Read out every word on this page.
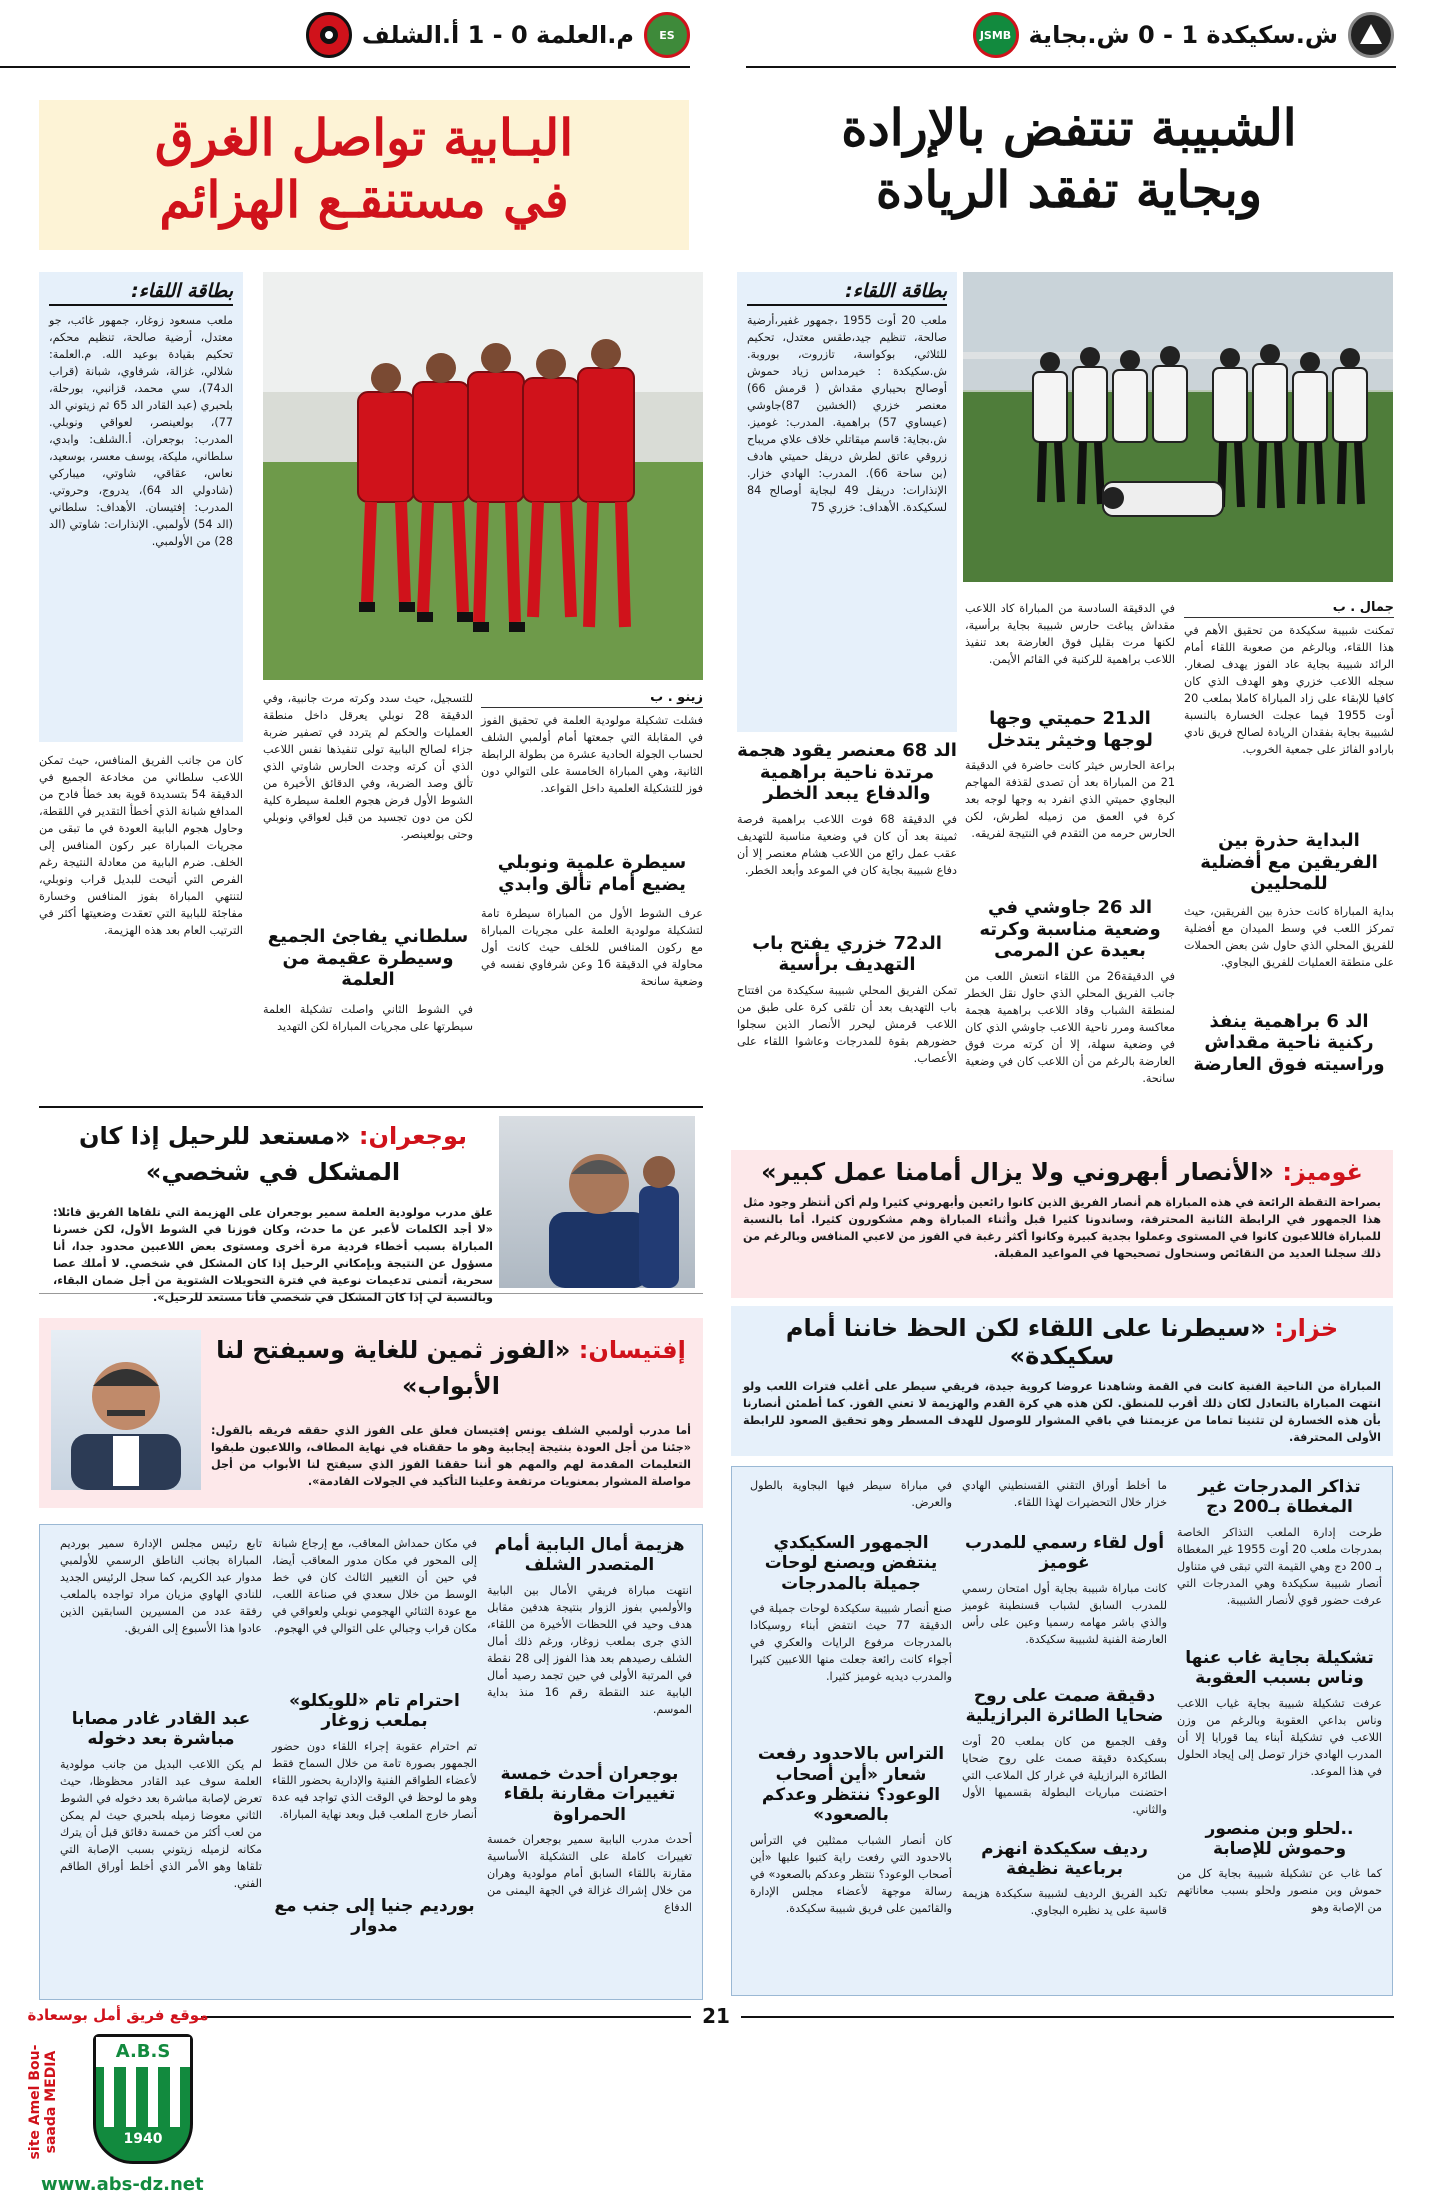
ش.سكيكدة 1 - 0 ش.بجاية
JSMB
ES
م.العلمة 0 - 1 أ.الشلف
الشبيبة تنتفض بالإرادة
وبجاية تفقد الريادة
البـابية تواصل الغرق
في مستنقـع الهزائم
بطاقة اللقاء:
ملعب 20 أوت 1955 ،جمهور غفير،أرضية صالحة، تنظيم جيد،طقس معتدل، تحكيم للثلاثي، بوكواسة، تازروت، بوروبة. ش.سكيكدة : خيرمداس زياد حموش أوصالح بحيباري مقداش ( قرمش 66) معنصر خزري (الخشين 87)جاوشي (عيساوي 57) براهمية. المدرب: غوميز. ش.بجاية: قاسم ميقاتلي خلاف علاي مريباح زروقي عاتق لطرش دريفل حميتي هادف (بن ساحة 66). المدرب: الهادي خزار. الإنذارات: دريفل 49 لبجاية أوصالح 84 لسكيكدة. الأهداف: خزري 75
جمال . ب
تمكنت شبيبة سكيكدة من تحقيق الأهم في هذا اللقاء، وبالرغم من صعوبة اللقاء أمام الرائد شبيبة بجاية عاد الفوز يهدف لصغار. سجله اللاعب خزري وهو الهدف الذي كان كافيا للإبقاء على زاد المباراة كاملا بملعب 20 أوت 1955 فيما عجلت الخسارة بالنسبة لشبيبة بجاية بفقدان الريادة لصالح فريق نادي بارادو الفائز على جمعية الخروب.
البداية حذرة بين الفريقين مع أفضلية للمحليين
بداية المباراة كانت حذرة بين الفريقين، حيث تمركز اللعب في وسط الميدان مع أفضلية للفريق المحلي الذي حاول شن بعض الحملات على منطقة العمليات للفريق البجاوي.
الد 6 براهمية ينفذ ركنية ناحية مقداش وراسيته فوق العارضة
في الدقيقة السادسة من المباراة كاد اللاعب مقداش يباغت حارس شبيبة بجاية برأسية، لكنها مرت بقليل فوق العارضة بعد تنفيذ اللاعب براهمية للركنية في القائم الأيمن.
الد21 حميتي وجها لوجها وخيثر يتدخل
براعة الحارس خيثر كانت حاضرة في الدقيقة 21 من المباراة بعد أن تصدى لقذفة المهاجم البجاوي حميتي الذي انفرد به وجها لوجه بعد كرة في العمق من زميله لطرش، لكن الحارس حرمه من التقدم في النتيجة لفريقه.
الد 26 جاوشي في وضعية مناسبة وكرته بعيدة عن المرمى
في الدقيقة26 من اللقاء انتعش اللعب من جانب الفريق المحلي الذي حاول نقل الخطر لمنطقة الشباب وقاد اللاعب براهمية هجمة معاكسة ومرر ناحية اللاعب جاوشي الذي كان في وضعية سهلة، إلا أن كرته مرت فوق العارضة بالرغم من أن اللاعب كان في وضعية سانحة.
الد 68 معنصر يقود هجمة مرتدة ناحية براهمية والدفاع يبعد الخطر
في الدقيقة 68 فوت اللاعب براهمية فرصة ثمينة بعد أن كان في وضعية مناسبة للتهديف عقب عمل رائع من اللاعب هشام معنصر إلا أن دفاع شبيبة بجاية كان في الموعد وأبعد الخطر.
الد72 خزري يفتح باب التهديف برأسية
تمكن الفريق المحلي شبيبة سكيكدة من افتتاح باب التهديف بعد أن تلقى كرة على طبق من اللاعب قرمش ليحرر الأنصار الذين سجلوا حضورهم بقوة للمدرجات وعاشوا اللقاء على الأعصاب.
غوميز: «الأنصار أبهروني ولا يزال أمامنا عمل كبير»
بصراحة التقطة الرائعة في هذه المباراة هم أنصار الفريق الذين كانوا رائعين وأبهروني كثيرا ولم أكن أنتظر وجود مثل هذا الجمهور في الرابطة الثانية المحترفة، وساندونا كثيرا قبل وأثناء المباراة وهم مشكورون كثيرا. أما بالنسبة للمباراة فاللاعبون كانوا في المستوى وعملوا بجدية كبيرة وكانوا أكثر رغبة في الفوز من لاعبي المنافس وبالرغم من ذلك سجلنا العديد من النقائص وسنحاول تصحيحها في المواعيد المقبلة.
خزار: «سيطرنا على اللقاء لكن الحظ خاننا أمام سكيكدة»
المباراة من الناحية الفنية كانت في القمة وشاهدنا عروضا كروية جيدة، فريقي سيطر على أغلب فترات اللعب ولو انتهت المباراة بالتعادل لكان ذلك أقرب للمنطق. لكن هذه هي كرة القدم والهزيمة لا تعني الفوز. كما أطمئن أنصارنا بأن هذه الخسارة لن تثنينا تماما من عزيمتنا في باقي المشوار للوصول للهدف المسطر وهو تحقيق الصعود للرابطة الأولى المحترفة.
تذاكر المدرجات غير المغطاة بـ200 دج
طرحت إدارة الملعب التذاكر الخاصة بمدرجات ملعب 20 أوت 1955 غير المغطاة بـ 200 دج وهي القيمة التي تبقى في متناول أنصار شبيبة سكيكدة وهي المدرجات التي عرفت حضور قوي لأنصار الشبيبة.
تشكيلة بجاية غاب عنها وناس بسبب العقوبة
عرفت تشكيلة شبيبة بجاية غياب اللاعب وناس بداعي العقوبة وبالرغم من وزن اللاعب في تشكيلة أبناء يما قورايا إلا أن المدرب الهادي خزار توصل إلى إيجاد الحلول في هذا الموعد.
..لحلو وبن منصور وحموش للإصابة
كما غاب عن تشكيلة شبيبة بجاية كل من حموش وبن منصور ولحلو بسبب معاناتهم من الإصابة وهو
ما أخلط أوراق التقني القسنطيني الهادي خزار خلال التحضيرات لهذا اللقاء.
أول لقاء رسمي للمدرب غوميز
كانت مباراة شبيبة بجاية أول امتحان رسمي للمدرب السابق لشباب قسنطينة غوميز والذي باشر مهامه رسميا وعين على رأس العارضة الفنية لشبيبة سكيكدة.
دقيقة صمت على روح ضحايا الطائرة البرازيلية
وقف الجميع من كان بملعب 20 أوت بسكيكدة دقيقة صمت على روح ضحايا الطائرة البرازيلية في غرار كل الملاعب التي احتضنت مباريات البطولة بقسميها الأول والثاني.
رديف سكيكدة انهزم برباعية نظيفة
تكبد الفريق الرديف لشبيبة سكيكدة هزيمة قاسية على يد نظيره البجاوي.
في مباراة سيطر فيها البجاوية بالطول والعرض.
الجمهور السكيكدي ينتفض ويصنع لوحات جميلة بالمدرجات
صنع أنصار شبيبة سكيكدة لوحات جميلة في الدقيقة 77 حيث انتفض أبناء روسيكادا بالمدرجات مرفوع الرايات والعكري في أجواء كانت رائعة جعلت منها اللاعبين كثيرا والمدرب ديديه غوميز كثيرا.
التراس بالاحدود رفعت شعار «أين أصحاب الوعود؟ ننتظر وعدكم بالصعود»
كان أنصار الشباب ممثلين في الترأس بالاحدود التي رفعت راية كتبوا عليها «أين أصحاب الوعود؟ ننتظر وعدكم بالصعود» في رسالة موجهة لأعضاء مجلس الإدارة والقائمين على فريق شبيبة سكيكدة.
بطاقة اللقاء:
ملعب مسعود زوغار، جمهور غائب، جو معتدل، أرضية صالحة، تنظيم محكم، تحكيم بقيادة بوعيد الله. م.العلمة: شلالي، غزالة، شرفاوي، شبانة (قراب الد74)، سي محمد، قزانبي، بورحلة، بلحبري (عبد القادر الد 65 ثم زيتوني الد 77)، بولعينصر، لعواقي ونوبلي. المدرب: بوجعران. أ.الشلف: وابدي، سلطاني، مليكة، يوسف معسر، بوسعيد، نعاس، عقاقي، شاوتي، ميباركي (شادولي الد 64)، يدروج، وحروتي. المدرب: إفتيسان. الأهداف: سلطاني (الد 54) لأولمبي. الإنذارات: شاوتي (الد 28) من الأولمبي.
زينو . ب
فشلت تشكيلة مولودية العلمة في تحقيق الفوز في المقابلة التي جمعتها أمام أولمبي الشلف لحساب الجولة الحادية عشرة من بطولة الرابطة الثانية، وهي المباراة الخامسة على التوالي دون فوز للتشكيلة العلمية داخل القواعد.
سيطرة علمية ونوبلي يضيع أمام تألق وابدي
عرف الشوط الأول من المباراة سيطرة تامة لتشكيلة مولودية العلمة على مجريات المباراة مع ركون المنافس للخلف حيث كانت أول محاولة في الدقيقة 16 وعن شرفاوي نفسه في وضعية سانحة
للتسجيل، حيث سدد وكرته مرت جانبية، وفي الدقيقة 28 نوبلي يعرقل داخل منطقة العمليات والحكم لم يتردد في تصفير ضربة جزاء لصالح البابية تولى تنفيذها نفس اللاعب الذي أن كرته وجدت الحارس شاوتي الذي تألق وصد الضربة، وفي الدقائق الأخيرة من الشوط الأول فرض هجوم العلمة سيطرة كلية لكن من دون تجسيد من قبل لعواقي ونوبلي وحتى بولعينصر.
سلطاني يفاجئ الجميع وسيطرة عقيمة من العلمة
في الشوط الثاني واصلت تشكيلة العلمة سيطرتها على مجريات المباراة لكن التهديد
كان من جانب الفريق المنافس، حيث تمكن اللاعب سلطاني من مخادعة الجميع في الدقيقة 54 بتسديدة قوية بعد خطأ فادح من المدافع شبانة الذي أخطأ التقدير في اللقطة، وحاول هجوم البابية العودة في ما تبقى من مجريات المباراة عبر ركون المنافس إلى الخلف. ضرم البابية من معادلة النتيجة رغم الفرص التي أتيحت للبديل قراب ونوبلي، لتنتهي المباراة بفوز المنافس وخسارة مفاجئة للبابية التي تعقدت وضعيتها أكثر في الترتيب العام بعد هذه الهزيمة.
بوجعران: «مستعد للرحيل إذا كان المشكل في شخصي»
علق مدرب مولودية العلمة سمير بوجعران على الهزيمة التي تلقاها الفريق قائلا: «لا أجد الكلمات لأعبر عن ما حدث، وكان فوزنا في الشوط الأول، لكن خسرنا المباراة بسبب أخطاء فردية مرة أخرى ومستوى بعض اللاعبين محدود جدا، أنا مسؤول عن النتيجة وبإمكاني الرحيل إذا كان المشكل في شخصي. لا أملك عصا سحرية، أتمنى تدعيمات نوعية في فترة التحويلات الشتوية من أجل ضمان البقاء، وبالنسبة لي إذا كان المشكل في شخصي فأنا مستعد للرحيل».
إفتيسان: «الفوز ثمين للغاية وسيفتح لنا الأبواب»
أما مدرب أولمبي الشلف يونس إفتيسان فعلق على الفوز الذي حققه فريقه بالقول: «جئنا من أجل العودة بنتيجة إيجابية وهو ما حققناه في نهاية المطاف، واللاعبون طبقوا التعليمات المقدمة لهم والمهم هو أننا حققنا الفوز الذي سيفتح لنا الأبواب من أجل مواصلة المشوار بمعنويات مرتفعة وعلينا التأكيد في الجولات القادمة».
هزيمة أمال البابية أمام المتصدر الشلف
انتهت مباراة فريقي الأمال بين البابية والأولمبي بفوز الزوار بنتيجة هدفين مقابل هدف وحيد في اللحظات الأخيرة من اللقاء، الذي جرى بملعب زوغار، ورغم ذلك أمال الشلف رصيدهم بعد هذا الفوز إلى 28 نقطة في المرتبة الأولى في حين تجمد رصيد أمال البابية عند النقطة رقم 16 منذ بداية الموسم.
بوجعران أحدث خمسة تغييرات مقارنة بلقاء الحمراوة
أحدث مدرب البابية سمير بوجعران خمسة تغييرات كاملة على التشكيلة الأساسية مقارنة باللقاء السابق أمام مولودية وهران من خلال إشراك غزالة في الجهة اليمنى من الدفاع
في مكان حمداش المعاقب، مع إرجاع شبانة إلى المحور في مكان مدور المعاقب أيضا، في حين أن التغيير الثالث كان في خط الوسط من خلال سعدي في صناعة اللعب، مع عودة الثنائي الهجومي نوبلي ولعواقي في مكان قراب وجبالي على التوالي في الهجوم.
احترام تام «للويكلو» بملعب زوغار
تم احترام عقوبة إجراء اللقاء دون حضور الجمهور بصورة تامة من خلال السماح فقط لأعضاء الطواقم الفنية والإدارية بحضور اللقاء وهو ما لوحظ في الوقت الذي تواجد فيه عدة أنصار خارج الملعب قبل وبعد نهاية المباراة.
بورديم جنيا إلى جنب مع مدوار
تابع رئيس مجلس الإدارة سمير بورديم المباراة بجانب الناطق الرسمي للأولمبي مدوار عبد الكريم، كما سجل الرئيس الجديد للنادي الهاوي مزيان مراد تواجده بالملعب رفقة عدد من المسيرين السابقين الذين عادوا هذا الأسبوع إلى الفريق.
عبد القادر غادر مصابا مباشرة بعد دخوله
لم يكن اللاعب البديل من جانب مولودية العلمة سوف عبد القادر محظوظا، حيث تعرض لإصابة مباشرة بعد دخوله في الشوط الثاني معوضا زميله بلحبري حيث لم يمكن من لعب أكثر من خمسة دقائق قبل أن يترك مكانه لزميله زيتوني بسبب الإصابة التي تلقاها وهو الأمر الذي أخلط أوراق الطاقم الفني.
21
موقع فريق أمل بوسعادة
A.B.S
1940
site Amel Bou-saada MEDIA
www.abs-dz.net
